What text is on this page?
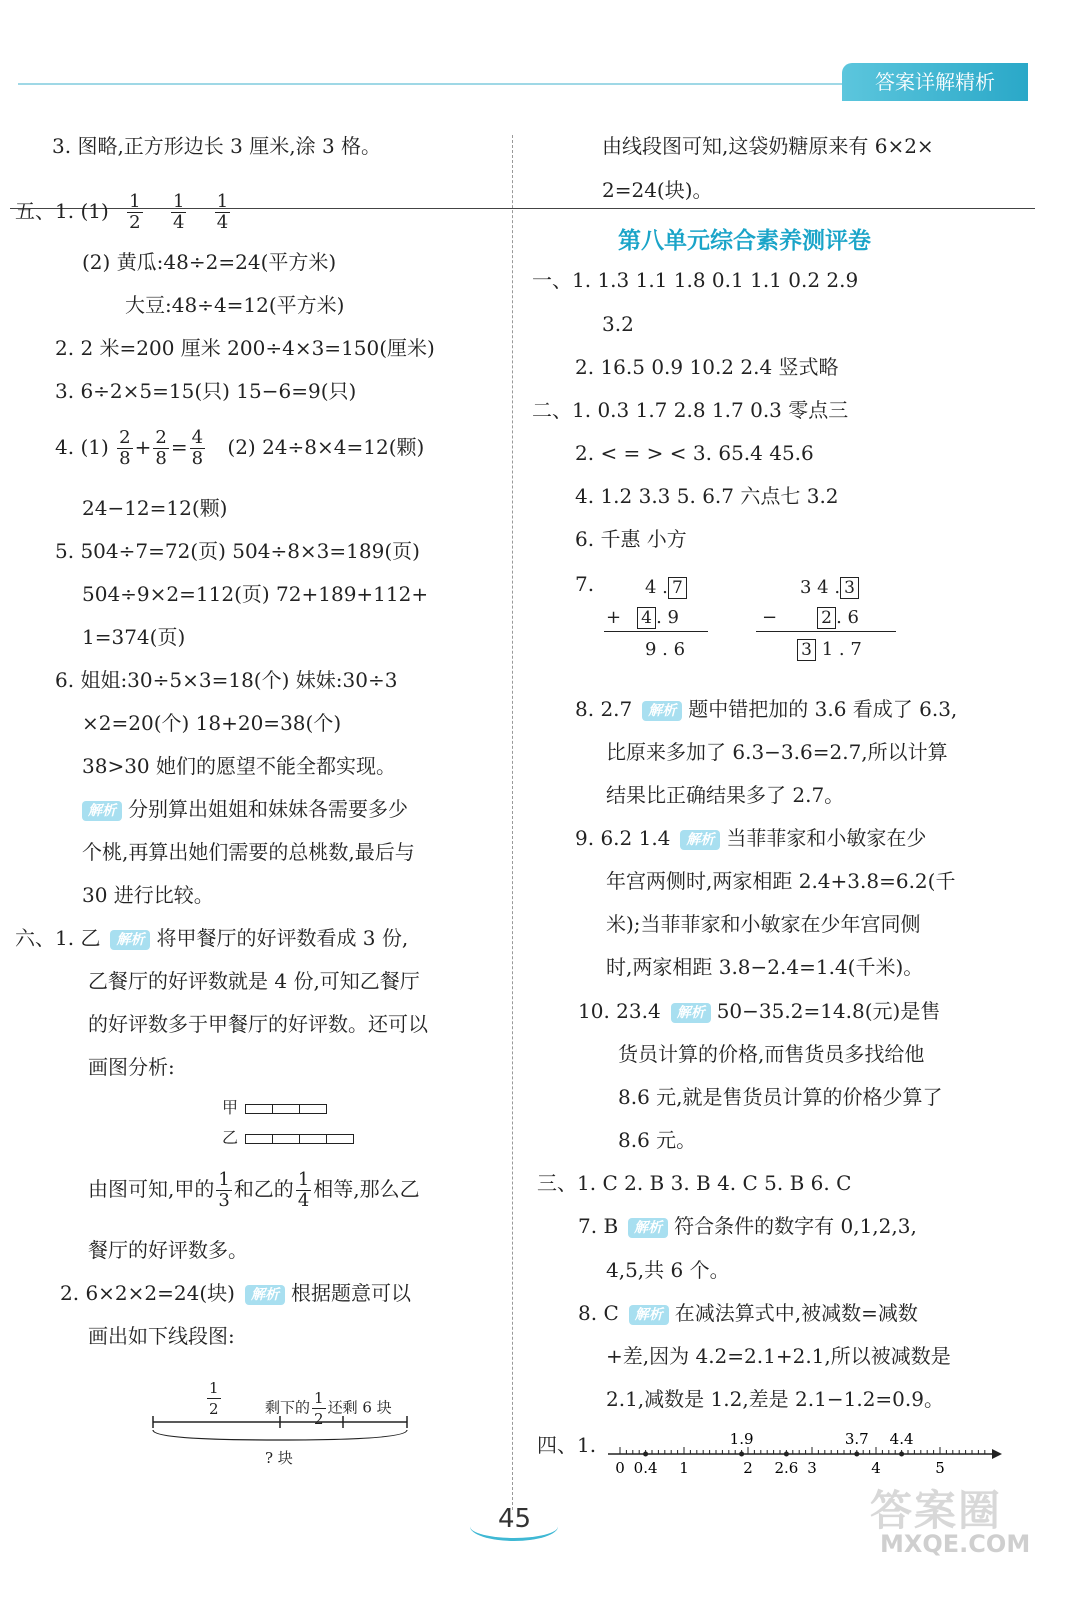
答案详解精析
3. 图略,正方形边长 3 厘米,涂 3 格。
五、1. $(1) \frac{1}{2}$
$\frac{1}{4}$
$\frac{1}{4}$
(2) 黄瓜:48÷2=24(平方米)
大豆:48÷4=12(平方米)
2. 2 米=200 厘米 200÷4×3=150(厘米)
3. 6÷2×5=15(只) 15−6=9(只)
4. $(1) \frac{2}{8} + \frac{2}{8} = \frac{4}{8} (2)$ 24÷8×4=12(颗)
24−12=12(颗)
5. 504÷7=72(页) 504÷8×3=189(页)
504÷9×2=112(页) 72+189+112+
1=374(页)
6. 姐姐:30÷5×3=18(个) 妹妹:30÷3
×2=20(个) 18+20=38(个)
38>30 她们的愿望不能全都实现。
解析 分别算出姐姐和妹妹各需要多少
个桃,再算出她们需要的总桃数,最后与
30 进行比较。
六、1. 乙 解析 将甲餐厅的好评数看成 3 份,
乙餐厅的好评数就是 4 份,可知乙餐厅
的好评数多于甲餐厅的好评数。还可以
画图分析:
甲
乙
由图可知,甲的 $\frac{1}{3}$ 和乙的 $\frac{1}{4}$ 相等,那么乙
餐厅的好评数多。
2. 6×2×2=24(块) 解析 根据题意可以
画出如下线段图:
$\frac{1}{2}$	剩下的 $\frac{1}{2}$ 还剩 6 块
? 块
由线段图可知,这袋奶糖原来有 6×2×
2=24(块)。
第八单元综合素养测评卷
一、1. 1.3 1.1 1.8 0.1 1.1 0.2 2.9
3.2
2. 16.5 0.9 10.2 2.4 竖式略
二、1. 0.3 1.7 2.8 1.7 0.3 零点三
2. < = > < 3. 65.4 45.6
4. 1.2 3.3 5. 6.7 六点七 3.2
6. 千惠 小方
7.	4 . 7
+ 4 . 9
9 . 6
3 4 . 3
−	2 . 6
3 1 . 7
8. 2.7 解析 题中错把加的 3.6 看成了 6.3,
比原来多加了 6.3−3.6=2.7,所以计算
结果比正确结果多了 2.7。
9. 6.2 1.4 解析 当菲菲家和小敏家在少
年宫两侧时,两家相距 2.4+3.8=6.2(千
米);当菲菲家和小敏家在少年宫同侧
时,两家相距 3.8−2.4=1.4(千米)。
10. 23.4 解析 50−35.2=14.8(元)是售
货员计算的价格,而售货员多找给他
8.6 元,就是售货员计算的价格少算了
8.6 元。
三、1. C 2. B 3. B 4. C 5. B 6. C
7. B 解析 符合条件的数字有 0,1,2,3,
4,5,共 6 个。
8. C 解析 在减法算式中,被减数=减数
+差,因为 4.2=2.1+2.1,所以被减数是
2.1,减数是 1.2,差是 2.1−1.2=0.9。
四、1.	1.9	3.7 4.4
0 0.4 1	2 2.6 3	4	5
45	答案圈
MXQE.COM
